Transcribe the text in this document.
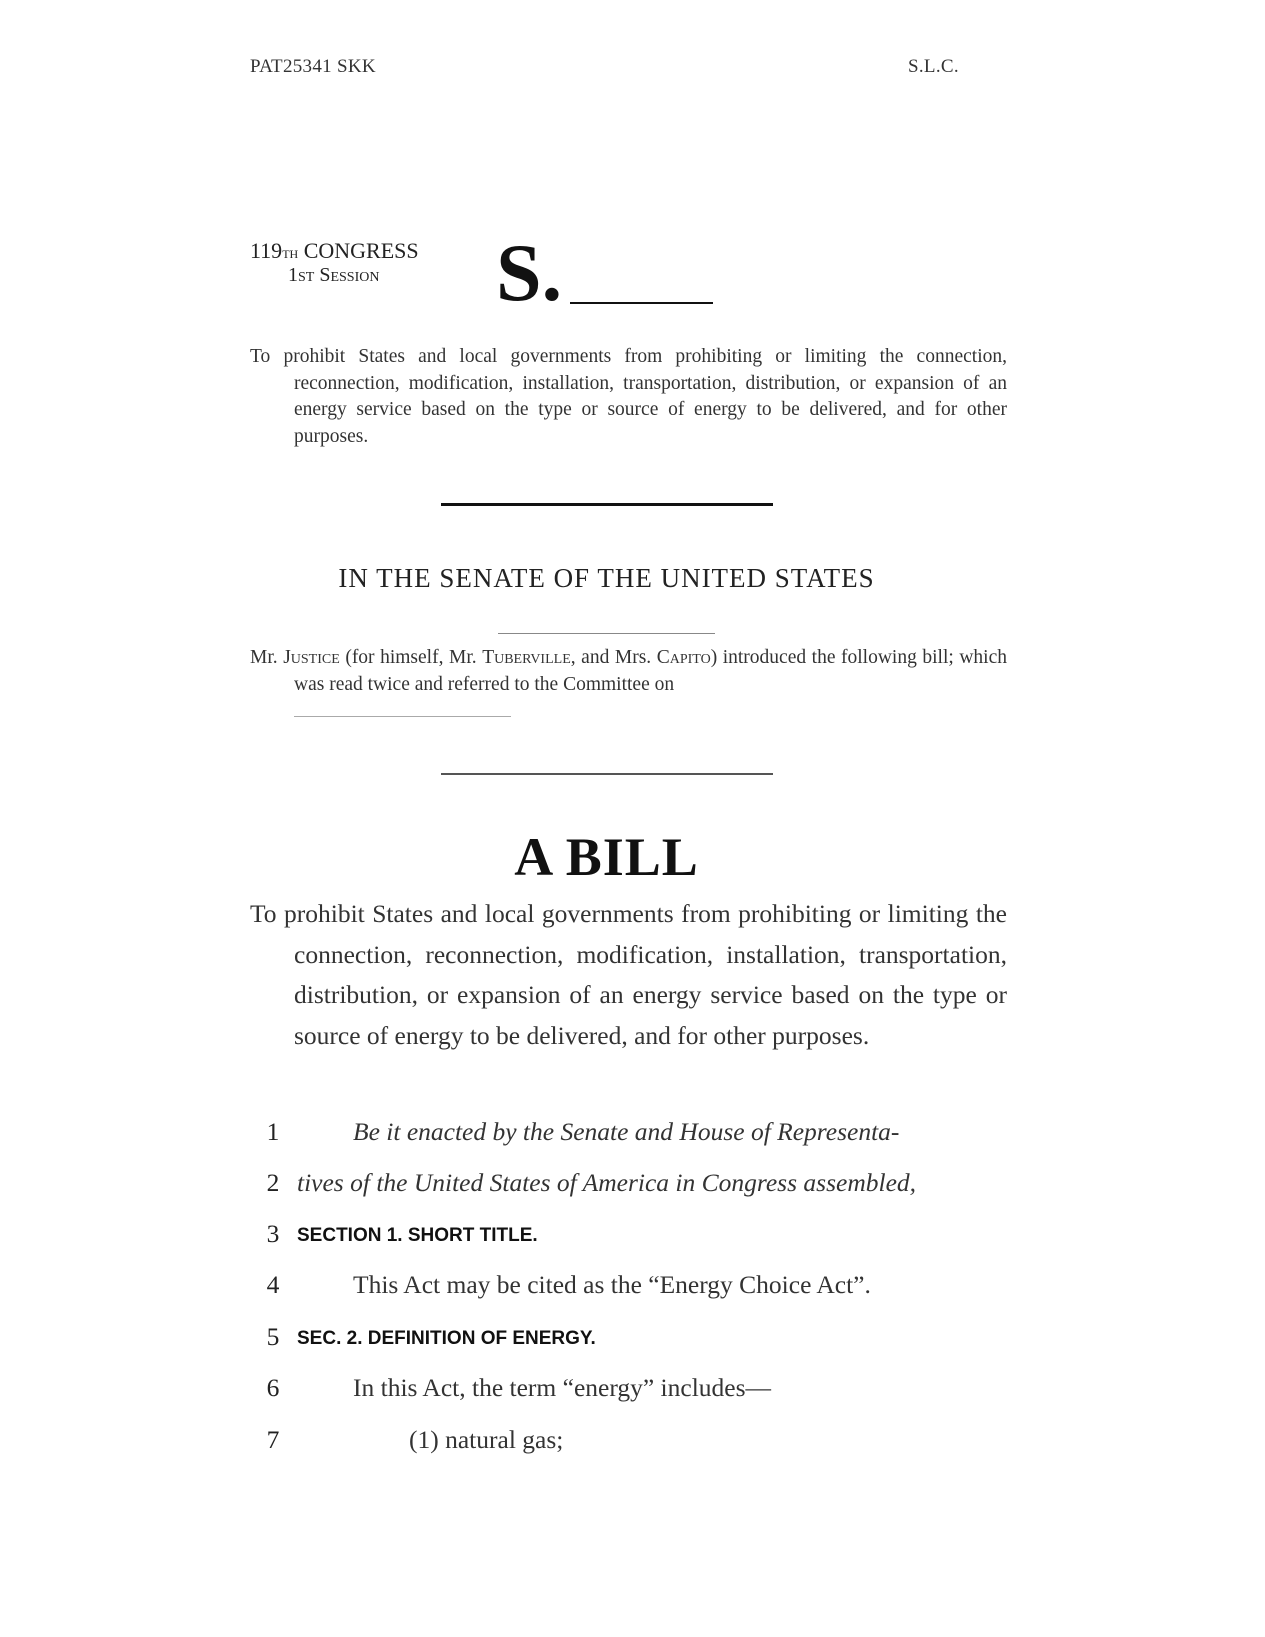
PAT25341 SKK	S.L.C.
119th CONGRESS
1st Session S.
To prohibit States and local governments from prohibiting or limiting the connection, reconnection, modification, installation, transportation, distribution, or expansion of an energy service based on the type or source of energy to be delivered, and for other purposes.
IN THE SENATE OF THE UNITED STATES
Mr. Justice (for himself, Mr. Tuberville, and Mrs. Capito) introduced the following bill; which was read twice and referred to the Committee on
A BILL
To prohibit States and local governments from prohibiting or limiting the connection, reconnection, modification, installation, transportation, distribution, or expansion of an energy service based on the type or source of energy to be delivered, and for other purposes.
1	Be it enacted by the Senate and House of Representa-
2 tives of the United States of America in Congress assembled,
3 SECTION 1. SHORT TITLE.
4	This Act may be cited as the “Energy Choice Act”.
5 SEC. 2. DEFINITION OF ENERGY.
6	In this Act, the term “energy” includes—
7	(1) natural gas;
